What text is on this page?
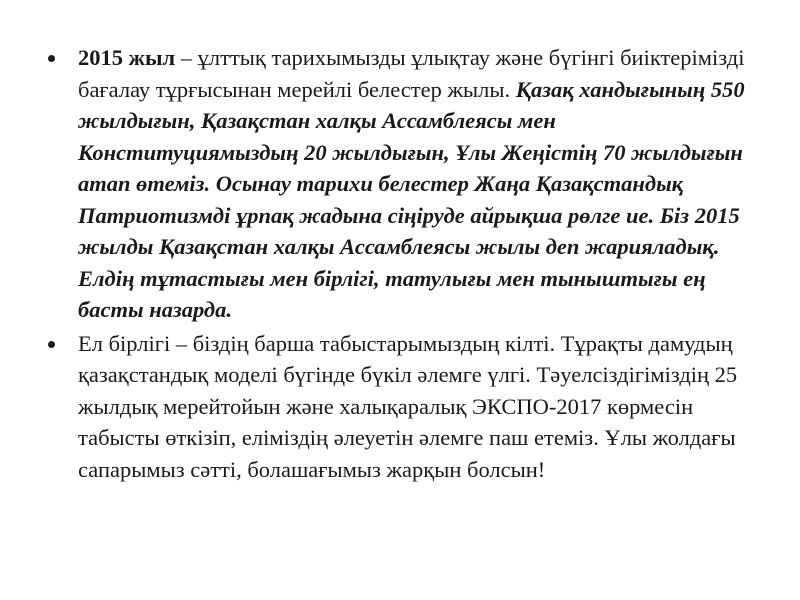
2015 жыл – ұлттық тарихымызды ұлықтау және бүгінгі биіктерімізді бағалау тұрғысынан мерейлі белестер жылы. Қазақ хандығының 550 жылдығын, Қазақстан халқы Ассамблеясы мен Конституциямыздың 20 жылдығын, Ұлы Жеңістің 70 жылдығын атап өтеміз. Осынау тарихи белестер Жаңа Қазақстандық Патриотизмді ұрпақ жадына сіңіруде айрықша рөлге ие. Біз 2015 жылды Қазақстан халқы Ассамблеясы жылы деп жарияладық. Елдің тұтастығы мен бірлігі, татулығы мен тыныштығы ең басты назарда.
Ел бірлігі – біздің барша табыстарымыздың кілті. Тұрақты дамудың қазақстандық моделі бүгінде бүкіл әлемге үлгі. Тәуелсіздігіміздің 25 жылдық мерейтойын және халықаралық ЭКСПО-2017 көрмесін табысты өткізіп, еліміздің әлеуетін әлемге паш етеміз. Ұлы жолдағы сапарымыз сәтті, болашағымыз жарқын болсын!
